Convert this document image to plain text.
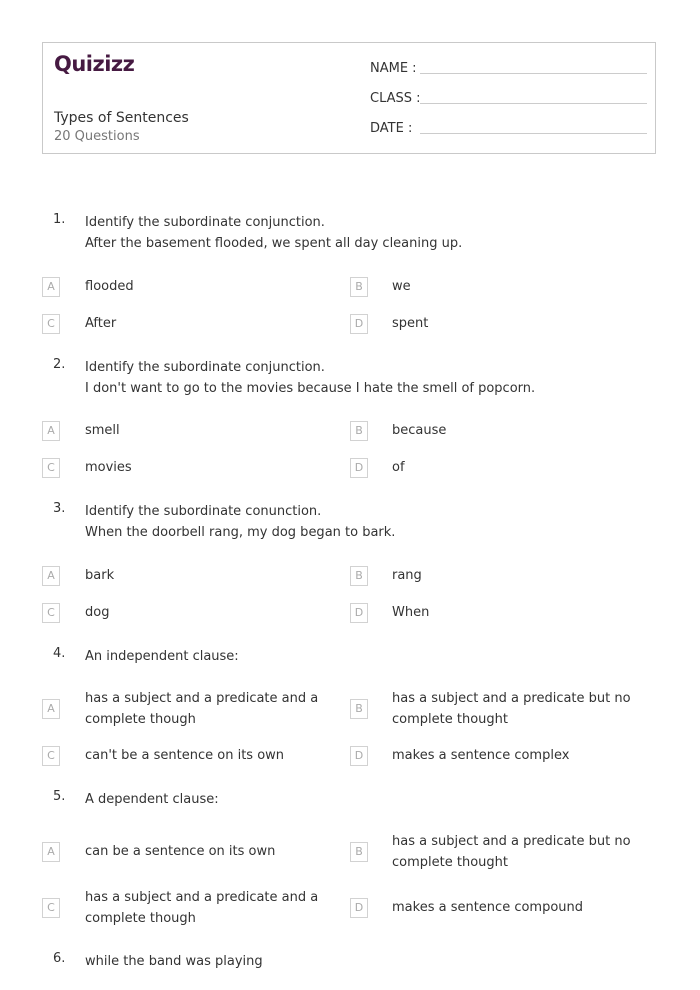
Quizizz
Types of Sentences
20 Questions
NAME :
CLASS :
DATE :
1. Identify the subordinate conjunction.
After the basement flooded, we spent all day cleaning up.
A	flooded	B	we
C	After	D	spent
2. Identify the subordinate conjunction.
I don't want to go to the movies because I hate the smell of popcorn.
A	smell	B	because
C	movies	D	of
3. Identify the subordinate conunction.
When the doorbell rang, my dog began to bark.
A	bark	B	rang
C	dog	D	When
4. An independent clause:
A
has a subject and a predicate and a
complete though
B
has a subject and a predicate but no
complete thought
C	can't be a sentence on its own	D	makes a sentence complex
5. A dependent clause:
A	can be a sentence on its own	B
has a subject and a predicate but no
complete thought
C
has a subject and a predicate and a
complete though
D	makes a sentence compound
6. while the band was playing
